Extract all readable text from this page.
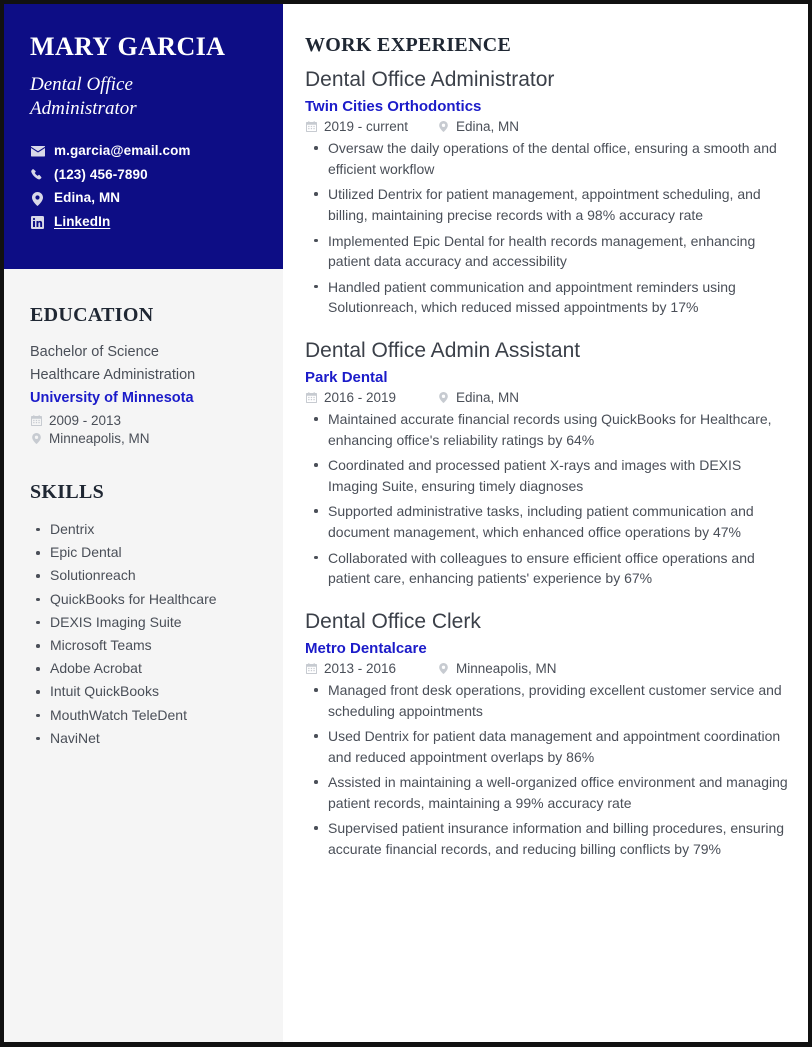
MARY GARCIA
Dental Office Administrator
m.garcia@email.com
(123) 456-7890
Edina, MN
LinkedIn
EDUCATION
Bachelor of Science
Healthcare Administration
University of Minnesota
2009 - 2013
Minneapolis, MN
SKILLS
Dentrix
Epic Dental
Solutionreach
QuickBooks for Healthcare
DEXIS Imaging Suite
Microsoft Teams
Adobe Acrobat
Intuit QuickBooks
MouthWatch TeleDent
NaviNet
WORK EXPERIENCE
Dental Office Administrator
Twin Cities Orthodontics
2019 - current	Edina, MN
Oversaw the daily operations of the dental office, ensuring a smooth and efficient workflow
Utilized Dentrix for patient management, appointment scheduling, and billing, maintaining precise records with a 98% accuracy rate
Implemented Epic Dental for health records management, enhancing patient data accuracy and accessibility
Handled patient communication and appointment reminders using Solutionreach, which reduced missed appointments by 17%
Dental Office Admin Assistant
Park Dental
2016 - 2019	Edina, MN
Maintained accurate financial records using QuickBooks for Healthcare, enhancing office's reliability ratings by 64%
Coordinated and processed patient X-rays and images with DEXIS Imaging Suite, ensuring timely diagnoses
Supported administrative tasks, including patient communication and document management, which enhanced office operations by 47%
Collaborated with colleagues to ensure efficient office operations and patient care, enhancing patients' experience by 67%
Dental Office Clerk
Metro Dentalcare
2013 - 2016	Minneapolis, MN
Managed front desk operations, providing excellent customer service and scheduling appointments
Used Dentrix for patient data management and appointment coordination and reduced appointment overlaps by 86%
Assisted in maintaining a well-organized office environment and managing patient records, maintaining a 99% accuracy rate
Supervised patient insurance information and billing procedures, ensuring accurate financial records, and reducing billing conflicts by 79%
